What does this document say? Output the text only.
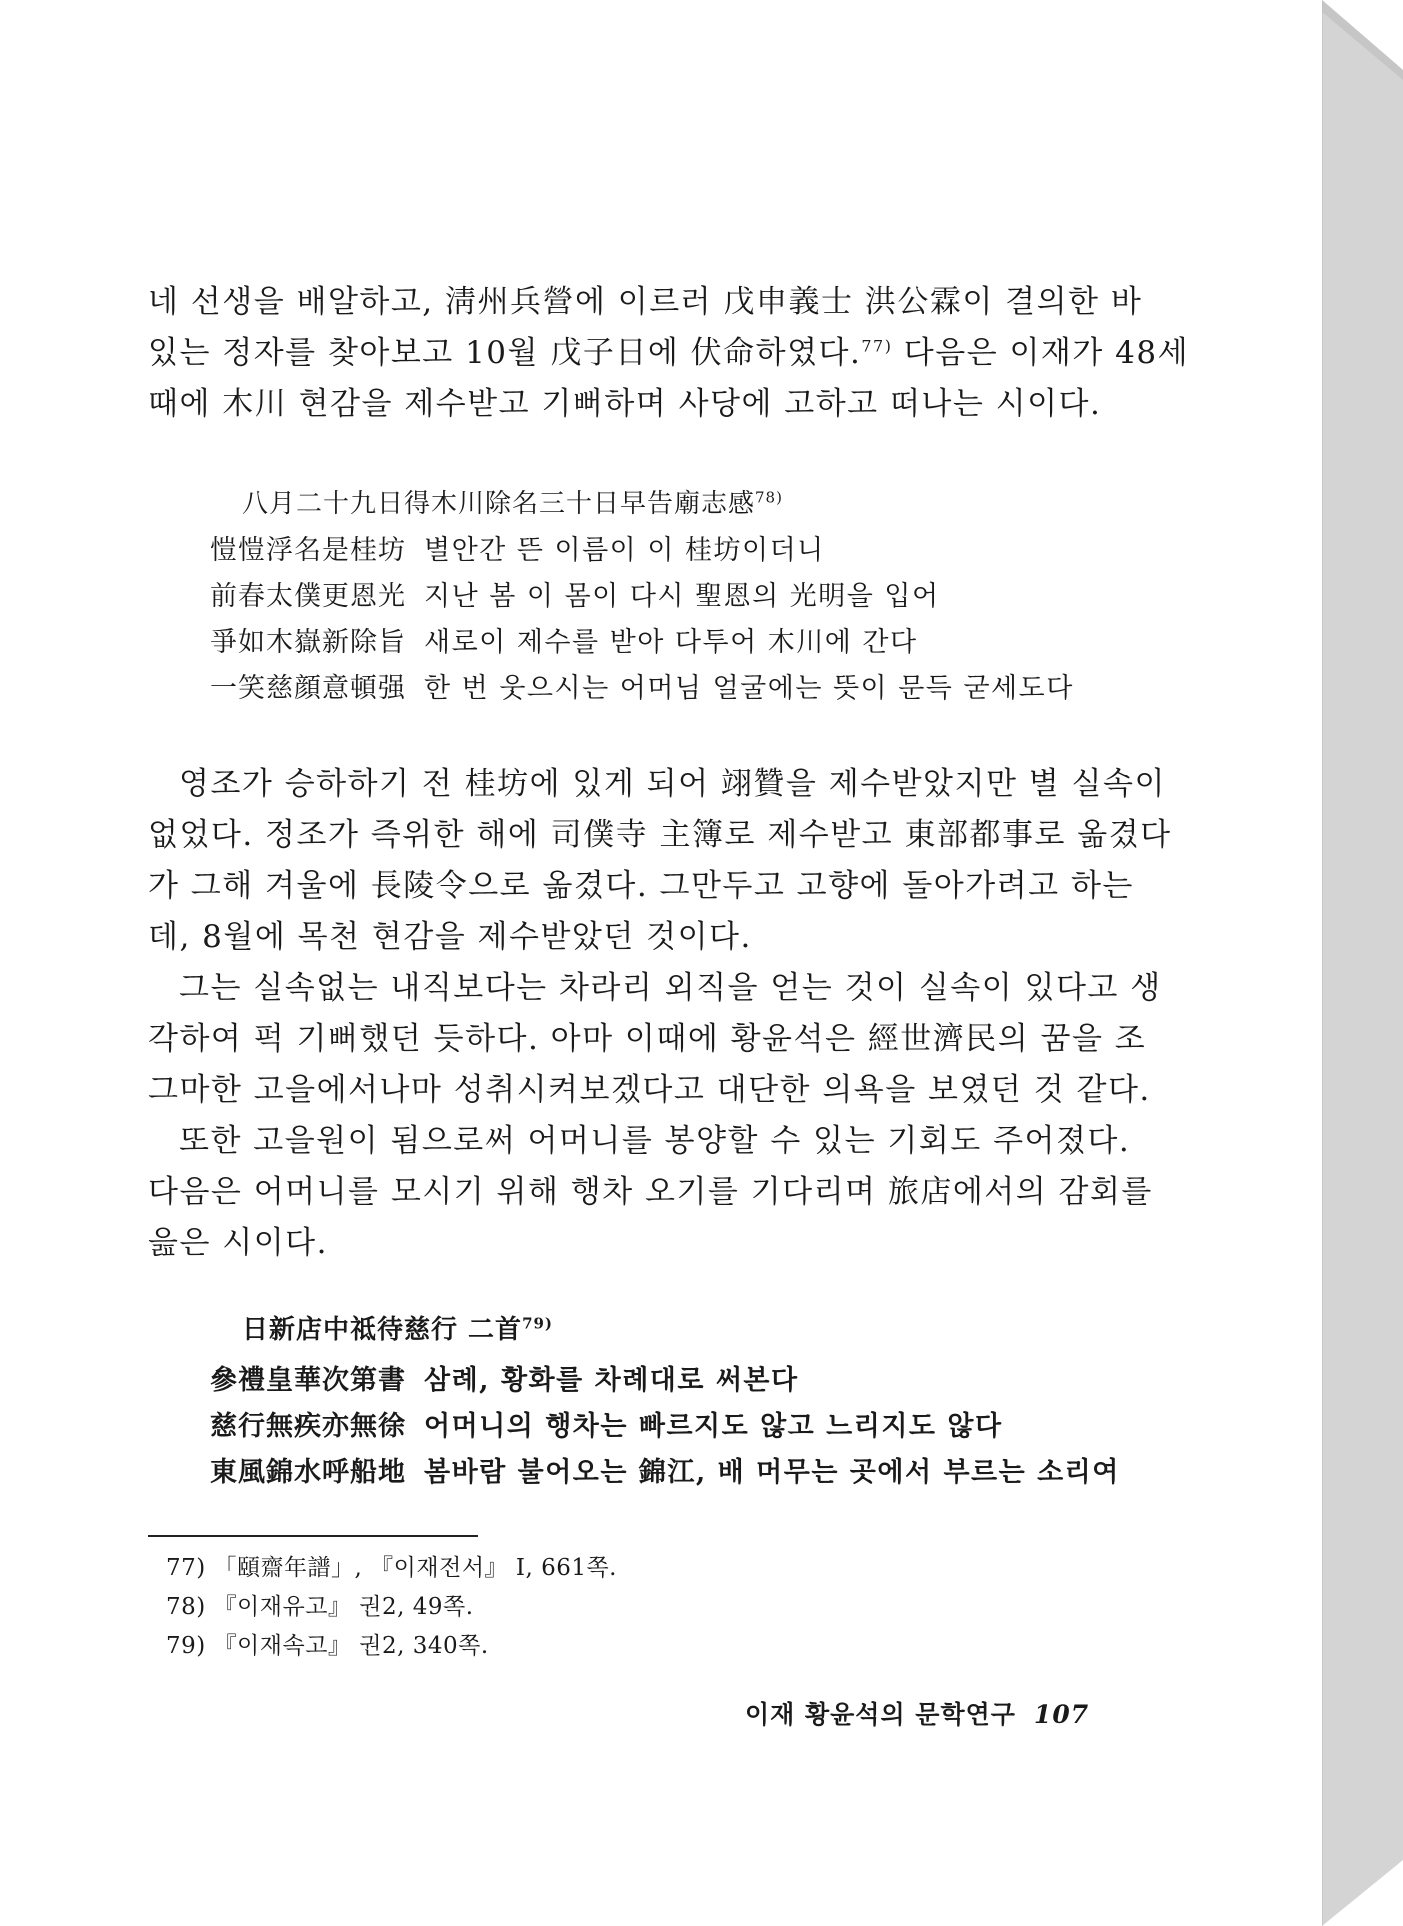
네 선생을 배알하고, 淸州兵營에 이르러 戊申義士 洪公霖이 결의한 바
있는 정자를 찾아보고 10월 戊子日에 伏命하였다.$^{77)}$ 다음은 이재가 48세
때에 木川 현감을 제수받고 기뻐하며 사당에 고하고 떠나는 시이다.
八月二十九日得木川除名三十日早告廟志感$^{78)}$
愷愷浮名是桂坊 별안간 뜬 이름이 이 桂坊이더니
前春太僕更恩光 지난 봄 이 몸이 다시 聖恩의 光明을 입어
爭如木嶽新除旨 새로이 제수를 받아 다투어 木川에 간다
一笑慈顔意頓强 한 번 웃으시는 어머님 얼굴에는 뜻이 문득 굳세도다
영조가 승하하기 전 桂坊에 있게 되어 翊贊을 제수받았지만 별 실속이
없었다. 정조가 즉위한 해에 司僕寺 主簿로 제수받고 東部都事로 옮겼다
가 그해 겨울에 長陵令으로 옮겼다. 그만두고 고향에 돌아가려고 하는
데, 8월에 목천 현감을 제수받았던 것이다.
그는 실속없는 내직보다는 차라리 외직을 얻는 것이 실속이 있다고 생
각하여 퍽 기뻐했던 듯하다. 아마 이때에 황윤석은 經世濟民의 꿈을 조
그마한 고을에서나마 성취시켜보겠다고 대단한 의욕을 보였던 것 같다.
또한 고을원이 됨으로써 어머니를 봉양할 수 있는 기회도 주어졌다.
다음은 어머니를 모시기 위해 행차 오기를 기다리며 旅店에서의 감회를
읊은 시이다.
日新店中祗待慈行 二首$^{79)}$
參禮皇華次第書 삼례, 황화를 차례대로 써본다
慈行無疾亦無徐 어머니의 행차는 빠르지도 않고 느리지도 않다
東風錦水呼船地 봄바람 불어오는 錦江, 배 머무는 곳에서 부르는 소리여
77) 「頤齋年譜」, 『이재전서』 I, 661쪽.
78) 『이재유고』 권2, 49쪽.
79) 『이재속고』 권2, 340쪽.
이재 황윤석의 문학연구 107
